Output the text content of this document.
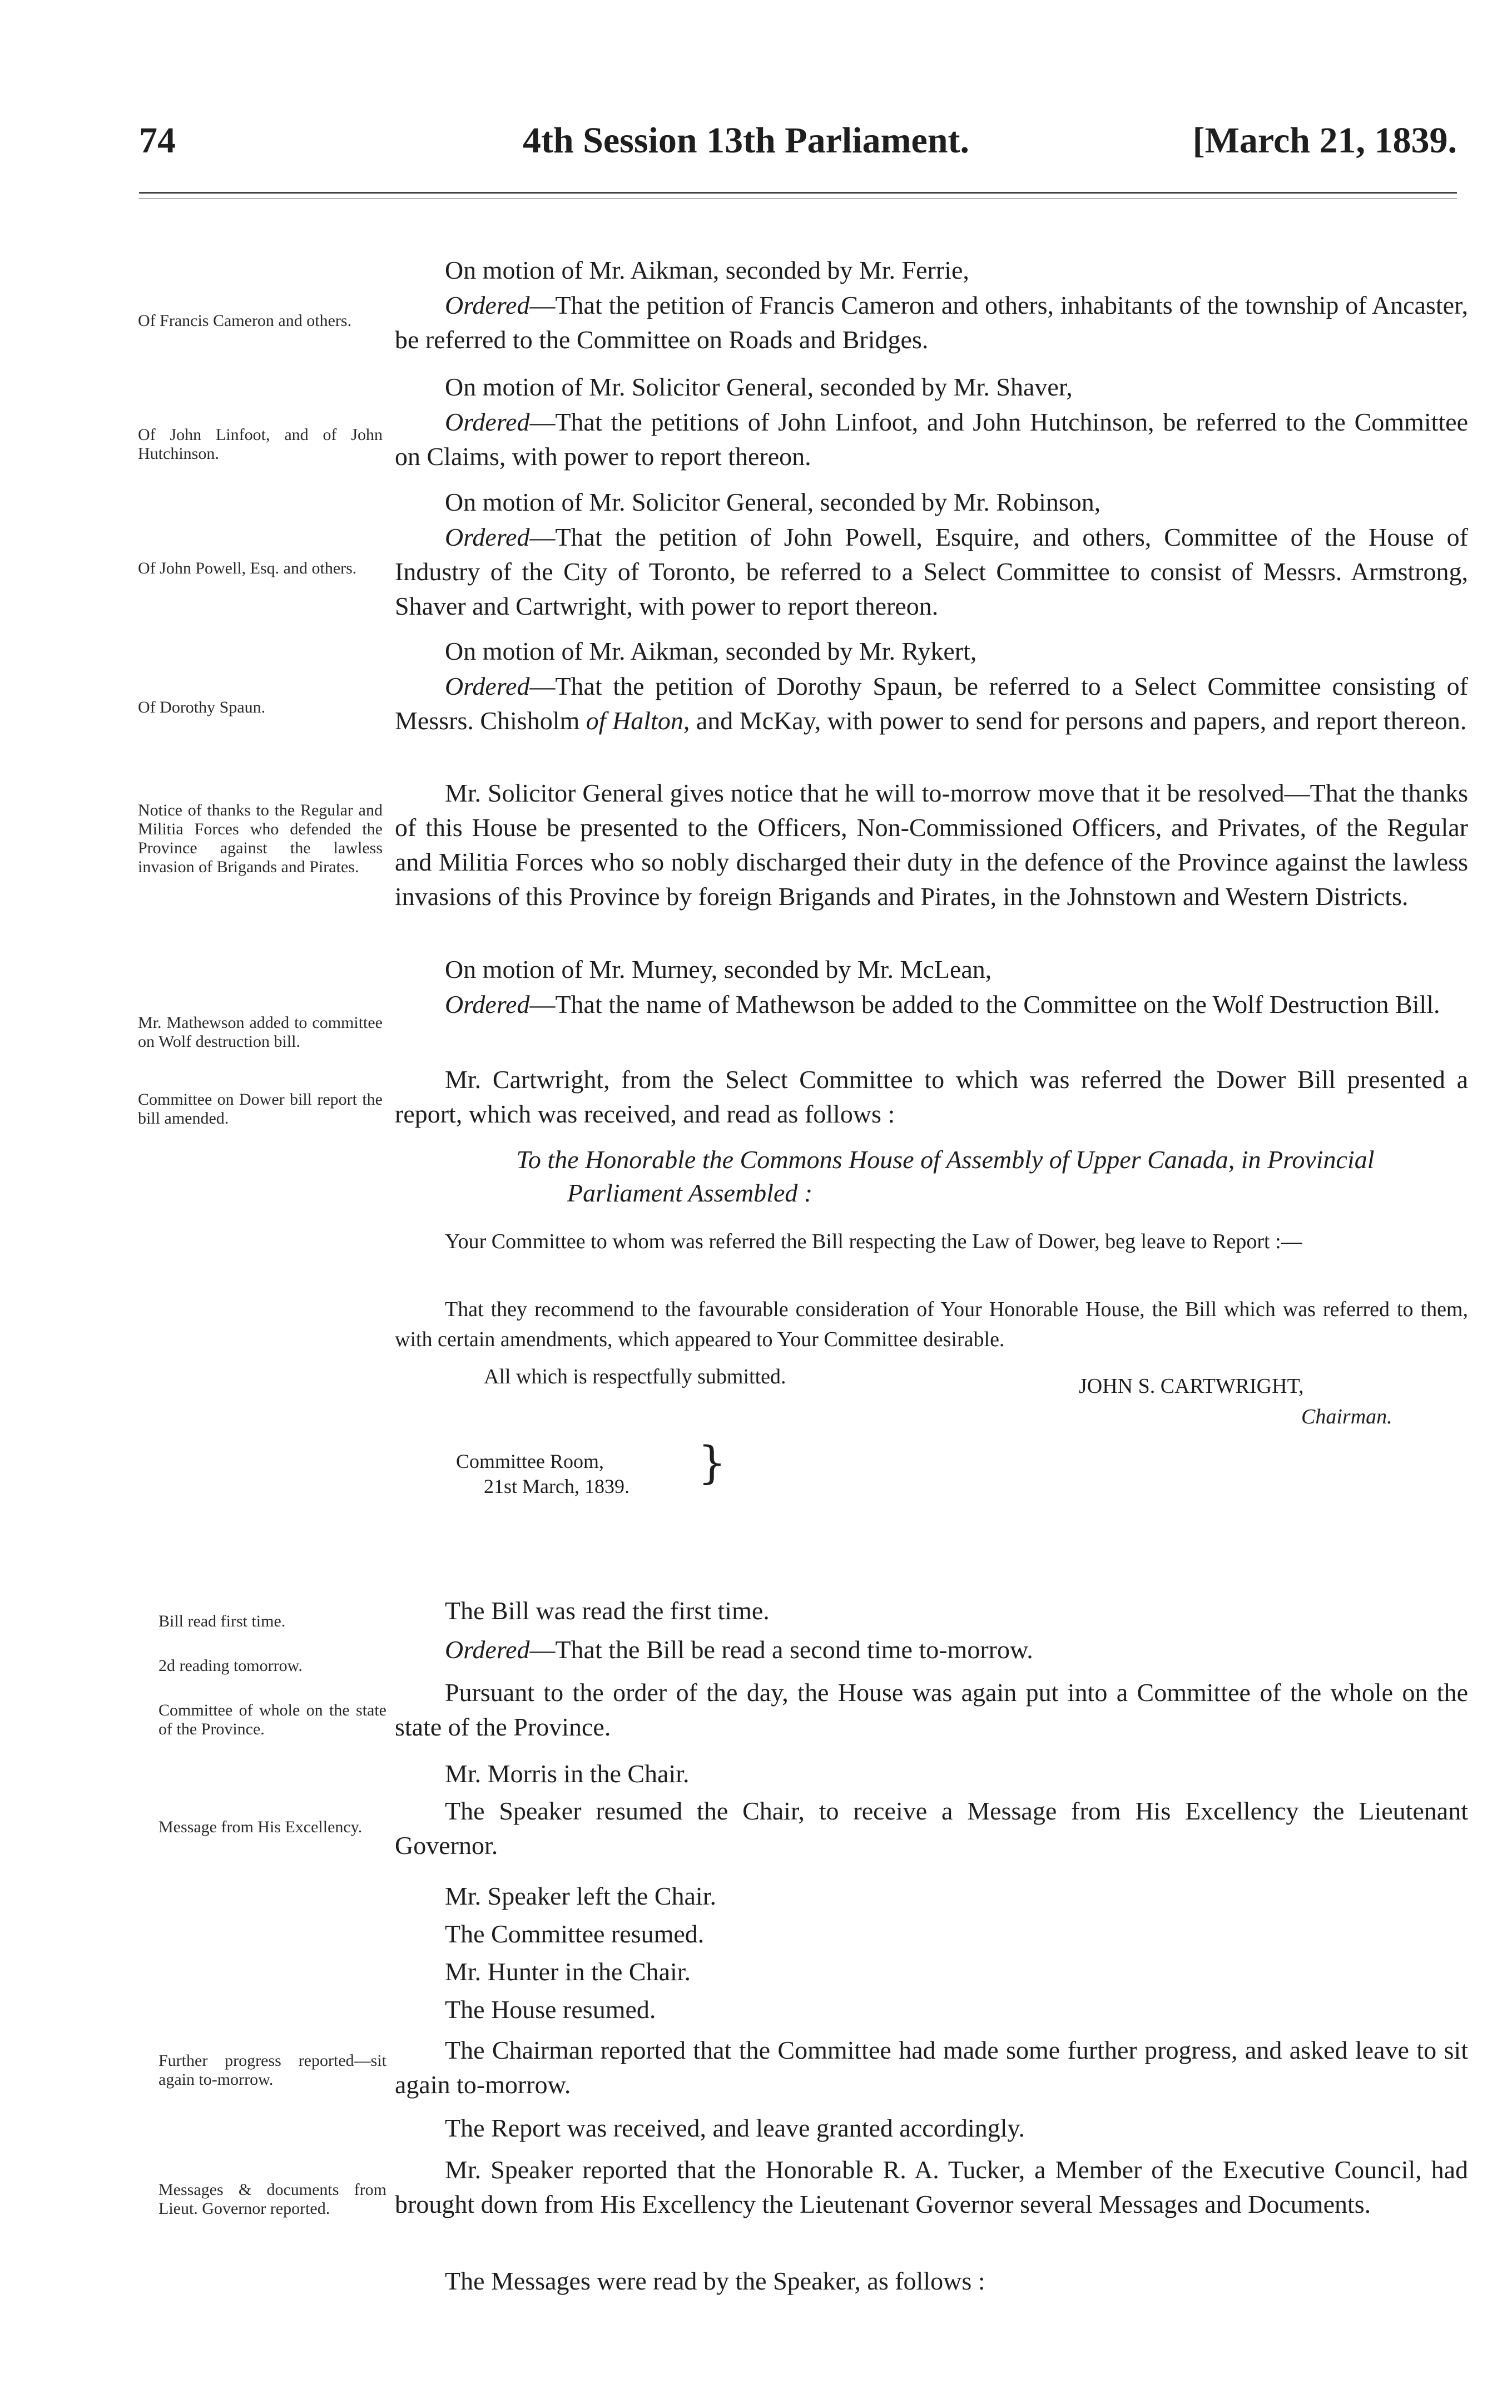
74	4th Session 13th Parliament.	[March 21, 1839.
On motion of Mr. Aikman, seconded by Mr. Ferrie,
Ordered—That the petition of Francis Cameron and others, inhabitants of the township of Ancaster, be referred to the Committee on Roads and Bridges.
Of Francis Cameron and others.
On motion of Mr. Solicitor General, seconded by Mr. Shaver,
Ordered—That the petitions of John Linfoot, and John Hutchinson, be referred to the Committee on Claims, with power to report thereon.
Of John Linfoot, and of John Hutchinson.
On motion of Mr. Solicitor General, seconded by Mr. Robinson,
Ordered—That the petition of John Powell, Esquire, and others, Committee of the House of Industry of the City of Toronto, be referred to a Select Committee to consist of Messrs. Armstrong, Shaver and Cartwright, with power to report thereon.
Of John Powell, Esq. and others.
On motion of Mr. Aikman, seconded by Mr. Rykert,
Ordered—That the petition of Dorothy Spaun, be referred to a Select Committee consisting of Messrs. Chisholm of Halton, and McKay, with power to send for persons and papers, and report thereon.
Of Dorothy Spaun.
Mr. Solicitor General gives notice that he will to-morrow move that it be resolved—That the thanks of this House be presented to the Officers, Non-Commissioned Officers, and Privates, of the Regular and Militia Forces who so nobly discharged their duty in the defence of the Province against the lawless invasions of this Province by foreign Brigands and Pirates, in the Johnstown and Western Districts.
Notice of thanks to the Regular and Militia Forces who defended the Province against the lawless invasion of Brigands and Pirates.
On motion of Mr. Murney, seconded by Mr. McLean,
Ordered—That the name of Mathewson be added to the Committee on the Wolf Destruction Bill.
Mr. Mathewson added to committee on Wolf destruction bill.
Mr. Cartwright, from the Select Committee to which was referred the Dower Bill presented a report, which was received, and read as follows :
Committee on Dower bill report the bill amended.
To the Honorable the Commons House of Assembly of Upper Canada, in Provincial
Parliament Assembled :
Your Committee to whom was referred the Bill respecting the Law of Dower, beg leave to Report :—
That they recommend to the favourable consideration of Your Honorable House, the Bill which was referred to them, with certain amendments, which appeared to Your Committee desirable.
All which is respectfully submitted.	JOHN S. CARTWRIGHT,
Chairman.
Committee Room,
21st March, 1839. }
The Bill was read the first time.
Bill read first time.
Ordered—That the Bill be read a second time to-morrow.
2d reading tomorrow.
Pursuant to the order of the day, the House was again put into a Committee of the whole on the state of the Province.
Committee of whole on the state of the Province.
Mr. Morris in the Chair.
The Speaker resumed the Chair, to receive a Message from His Excellency the Lieutenant Governor.
Message from His Excellency.
Mr. Speaker left the Chair.
The Committee resumed.
Mr. Hunter in the Chair.
The House resumed.
The Chairman reported that the Committee had made some further progress, and asked leave to sit again to-morrow.
Further progress reported—sit again to-morrow.
The Report was received, and leave granted accordingly.
Mr. Speaker reported that the Honorable R. A. Tucker, a Member of the Executive Council, had brought down from His Excellency the Lieutenant Governor several Messages and Documents.
Messages & documents from Lieut. Governor reported.
The Messages were read by the Speaker, as follows :
